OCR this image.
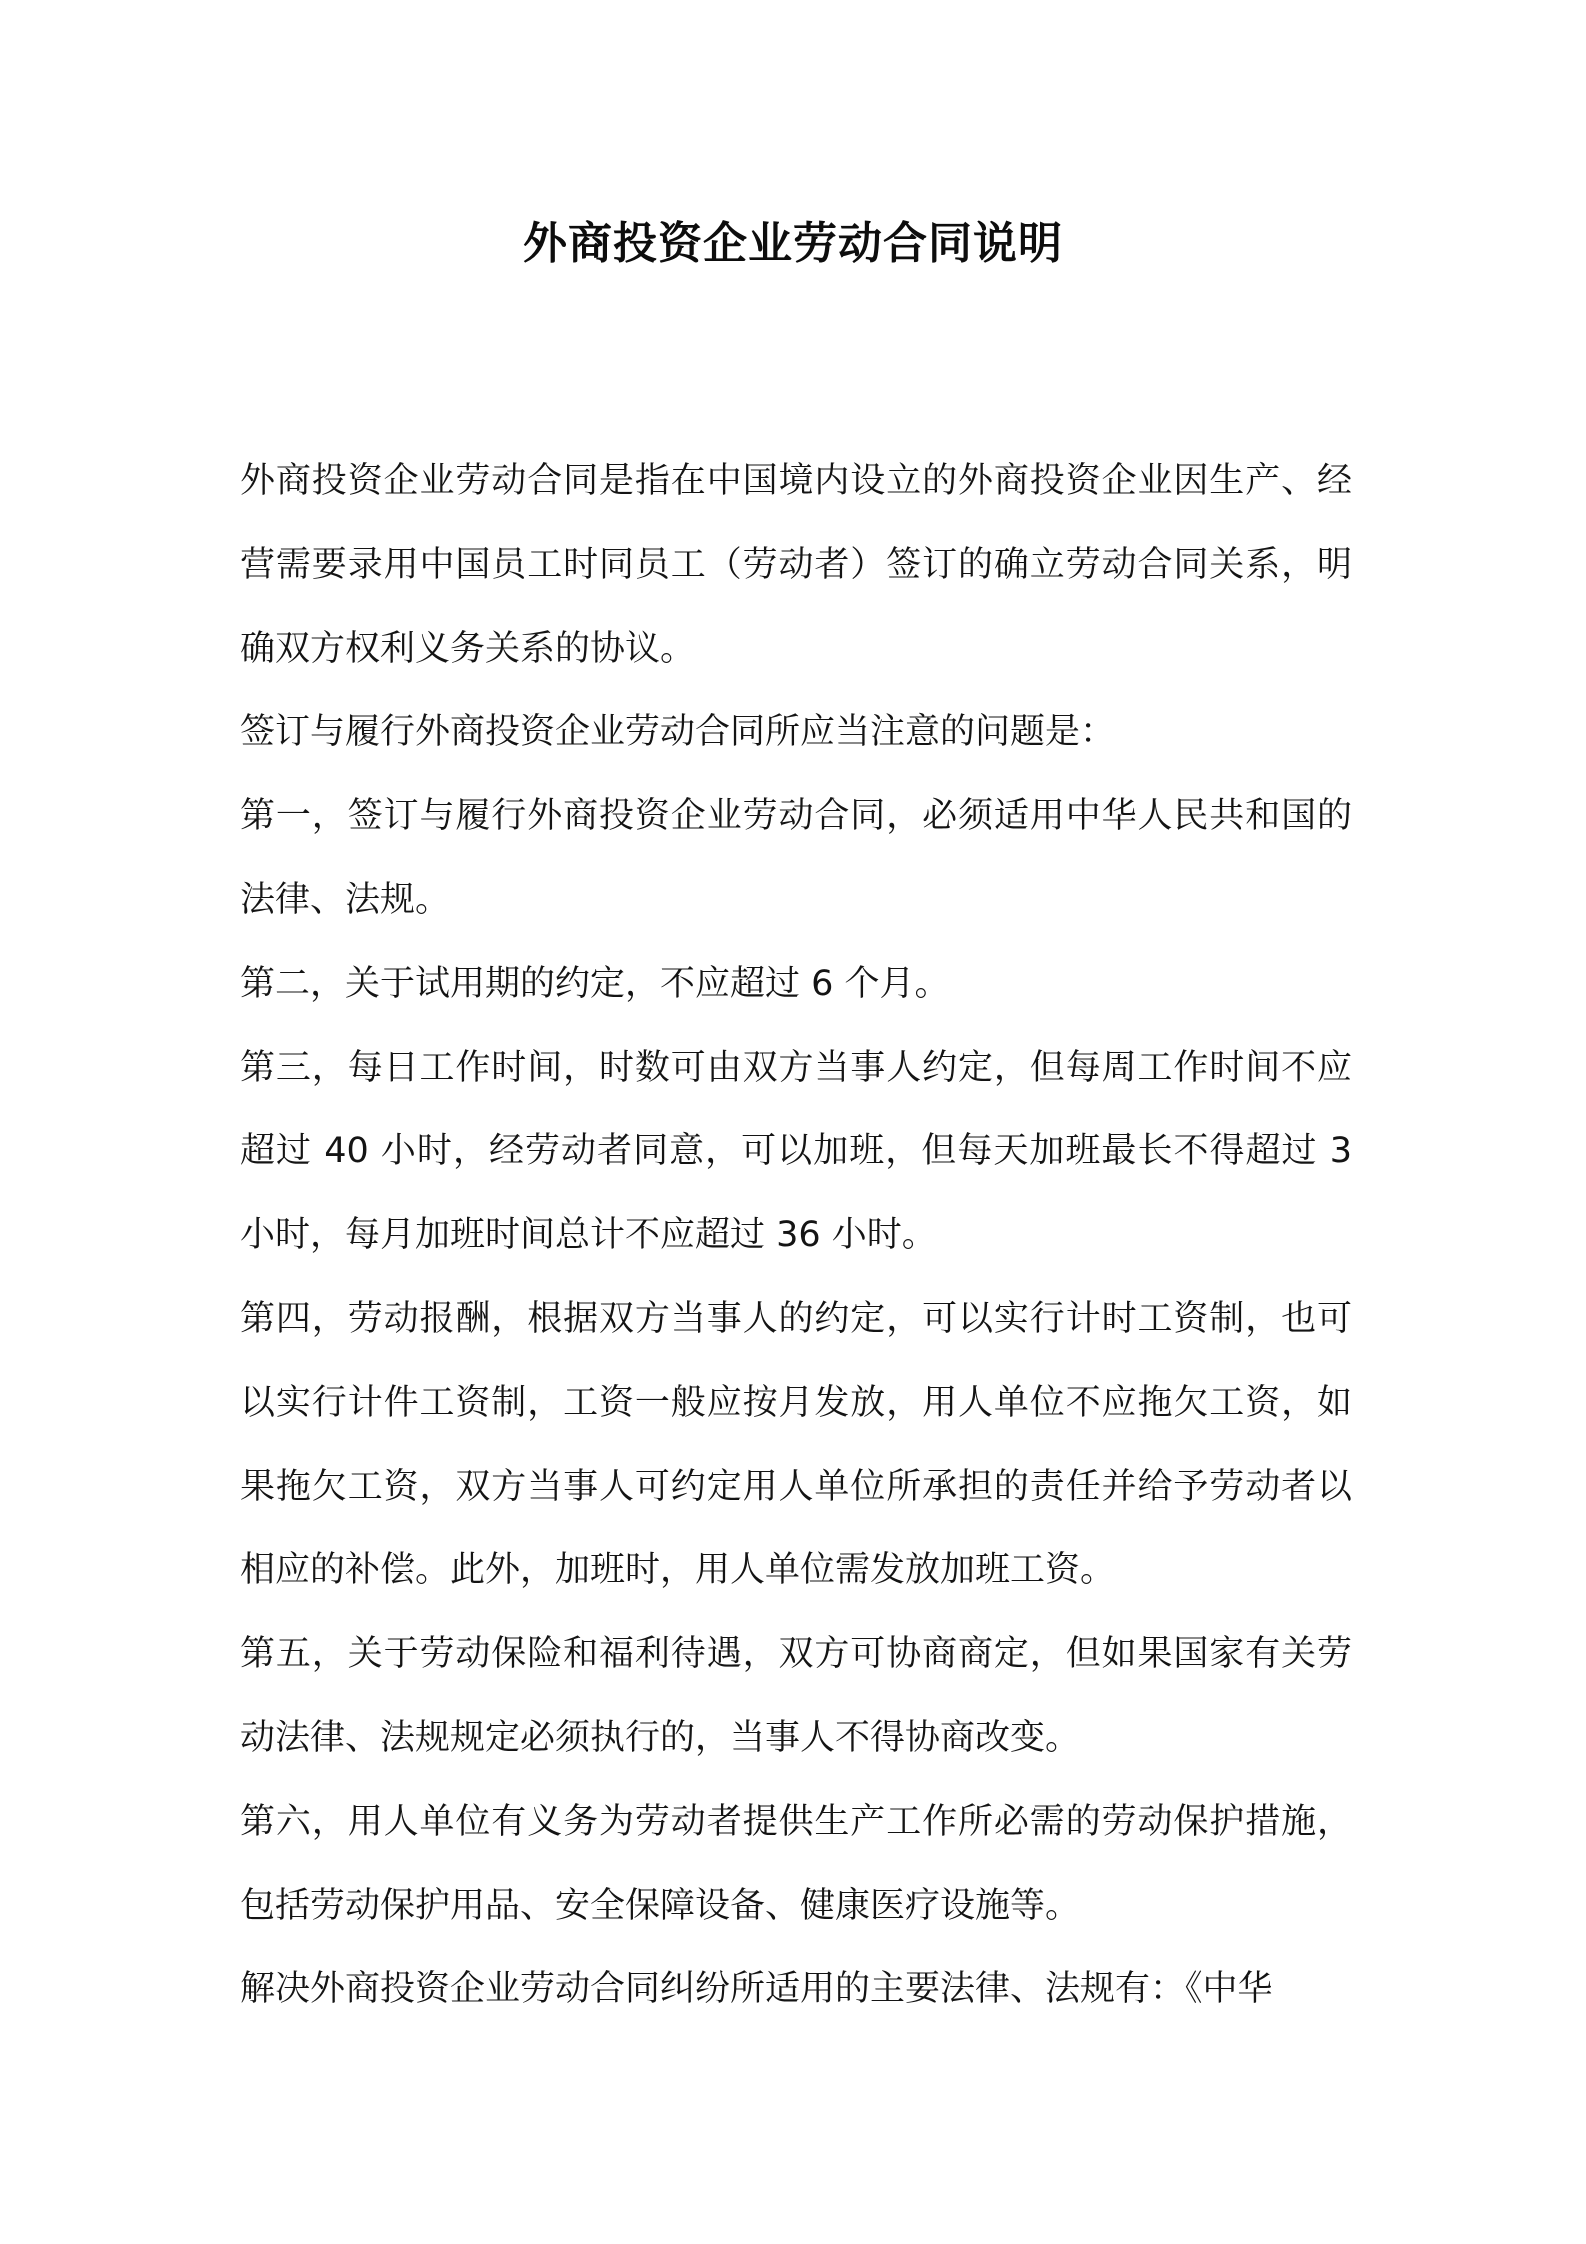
外商投资企业劳动合同说明

外商投资企业劳动合同是指在中国境内设立的外商投资企业因生产、经营需要录用中国员工时同员工（劳动者）签订的确立劳动合同关系，明确双方权利义务关系的协议。

签订与履行外商投资企业劳动合同所应当注意的问题是：

第一，签订与履行外商投资企业劳动合同，必须适用中华人民共和国的法律、法规。

第二，关于试用期的约定，不应超过 6 个月。

第三，每日工作时间，时数可由双方当事人约定，但每周工作时间不应超过 40 小时，经劳动者同意，可以加班，但每天加班最长不得超过 3 小时，每月加班时间总计不应超过 36 小时。

第四，劳动报酬，根据双方当事人的约定，可以实行计时工资制，也可以实行计件工资制，工资一般应按月发放，用人单位不应拖欠工资，如果拖欠工资，双方当事人可约定用人单位所承担的责任并给予劳动者以相应的补偿。此外，加班时，用人单位需发放加班工资。

第五，关于劳动保险和福利待遇，双方可协商商定，但如果国家有关劳动法律、法规规定必须执行的，当事人不得协商改变。

第六，用人单位有义务为劳动者提供生产工作所必需的劳动保护措施，包括劳动保护用品、安全保障设备、健康医疗设施等。

解决外商投资企业劳动合同纠纷所适用的主要法律、法规有：《中华
